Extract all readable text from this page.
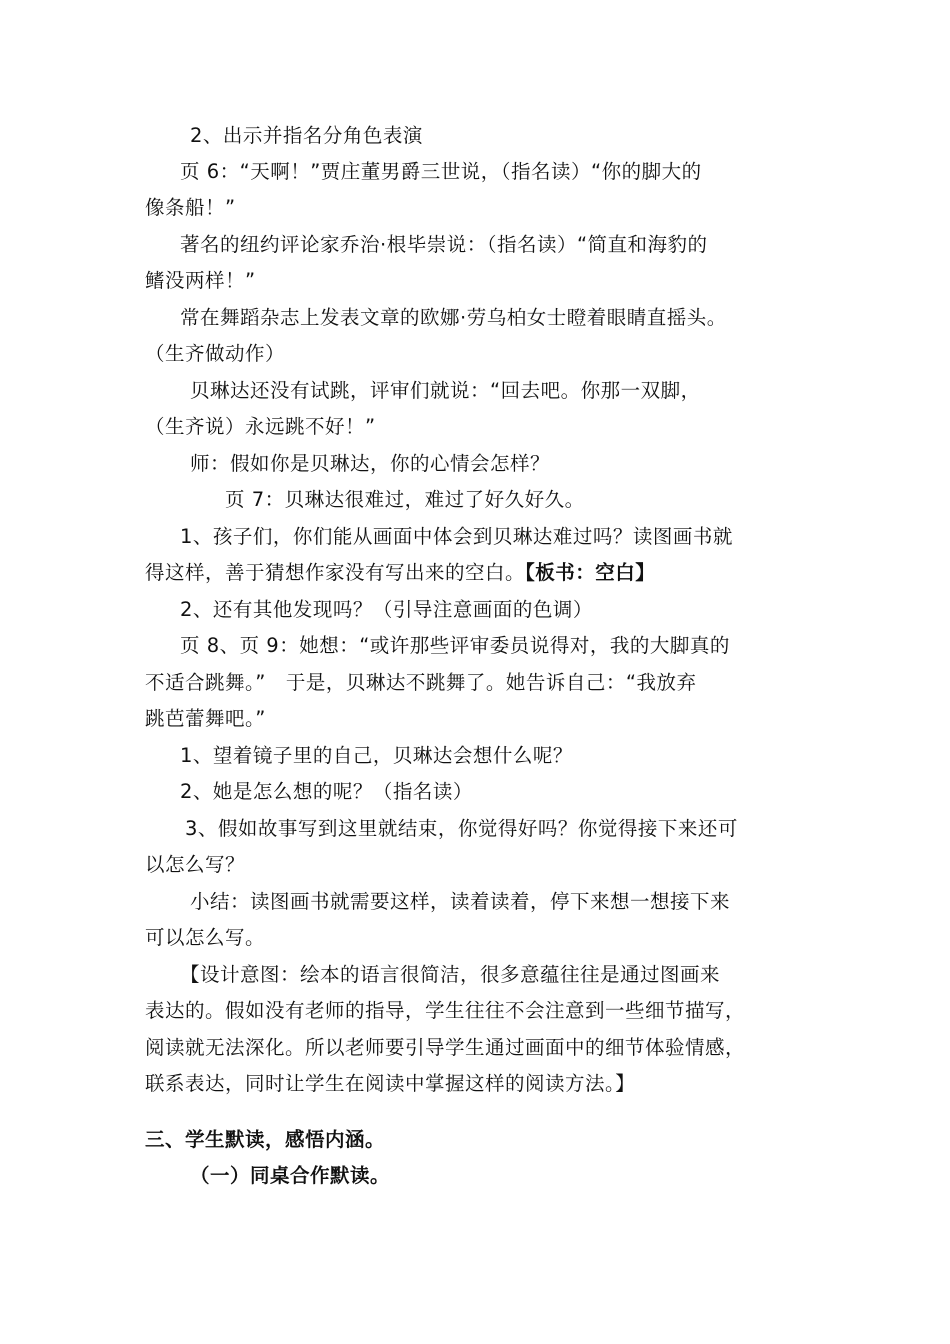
2、出示并指名分角色表演
页 6：“天啊！”贾庄董男爵三世说，（指名读）“你的脚大的
像条船！”
著名的纽约评论家乔治·根毕崇说：（指名读）“简直和海豹的
鳍没两样！”
常在舞蹈杂志上发表文章的欧娜·劳乌柏女士瞪着眼睛直摇头。
（生齐做动作）
贝琳达还没有试跳，评审们就说：“回去吧。你那一双脚，
（生齐说）永远跳不好！”
师：假如你是贝琳达，你的心情会怎样？
页 7：贝琳达很难过，难过了好久好久。
1、孩子们，你们能从画面中体会到贝琳达难过吗？读图画书就
得这样，善于猜想作家没有写出来的空白。【板书：空白】
2、还有其他发现吗？（引导注意画面的色调）
页 8、页 9：她想：“或许那些评审委员说得对，我的大脚真的
不适合跳舞。”　于是，贝琳达不跳舞了。她告诉自己：“我放弃
跳芭蕾舞吧。”
1、望着镜子里的自己，贝琳达会想什么呢？
2、她是怎么想的呢？（指名读）
3、假如故事写到这里就结束，你觉得好吗？你觉得接下来还可
以怎么写？
小结：读图画书就需要这样，读着读着，停下来想一想接下来
可以怎么写。
【设计意图：绘本的语言很简洁，很多意蕴往往是通过图画来
表达的。假如没有老师的指导，学生往往不会注意到一些细节描写，
阅读就无法深化。所以老师要引导学生通过画面中的细节体验情感，
联系表达，同时让学生在阅读中掌握这样的阅读方法。】
三、学生默读，感悟内涵。
（一）同桌合作默读。
